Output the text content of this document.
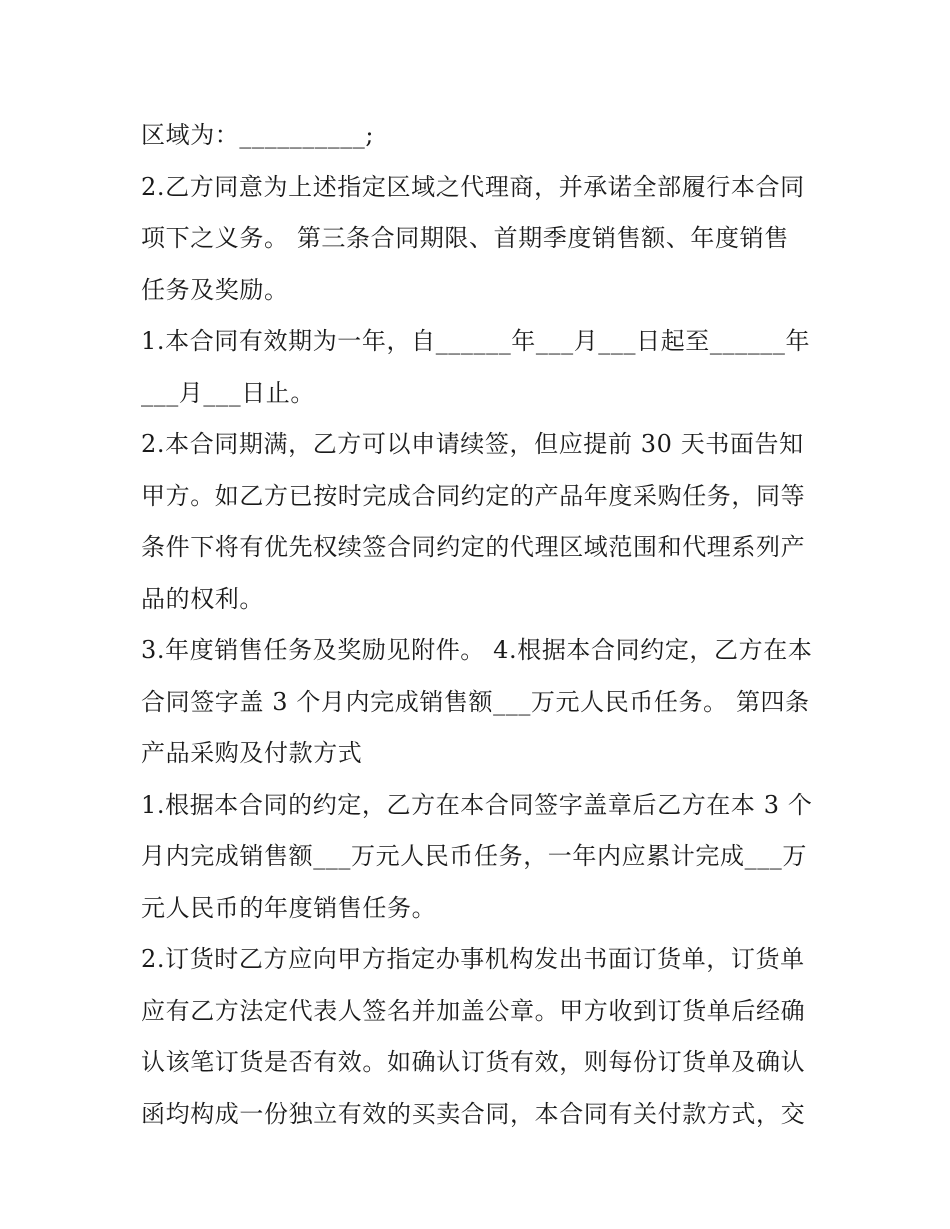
区域为：__________;
2.乙方同意为上述指定区域之代理商，并承诺全部履行本合同
项下之义务。 第三条合同期限、首期季度销售额、年度销售
任务及奖励。
1.本合同有效期为一年，自______年___月___日起至______年
___月___日止。
2.本合同期满，乙方可以申请续签，但应提前 30 天书面告知
甲方。如乙方已按时完成合同约定的产品年度采购任务，同等
条件下将有优先权续签合同约定的代理区域范围和代理系列产
品的权利。
3.年度销售任务及奖励见附件。 4.根据本合同约定，乙方在本
合同签字盖 3 个月内完成销售额___万元人民币任务。 第四条
产品采购及付款方式
1.根据本合同的约定，乙方在本合同签字盖章后乙方在本 3 个
月内完成销售额___万元人民币任务，一年内应累计完成___万
元人民币的年度销售任务。
2.订货时乙方应向甲方指定办事机构发出书面订货单，订货单
应有乙方法定代表人签名并加盖公章。甲方收到订货单后经确
认该笔订货是否有效。如确认订货有效，则每份订货单及确认
函均构成一份独立有效的买卖合同，本合同有关付款方式，交
